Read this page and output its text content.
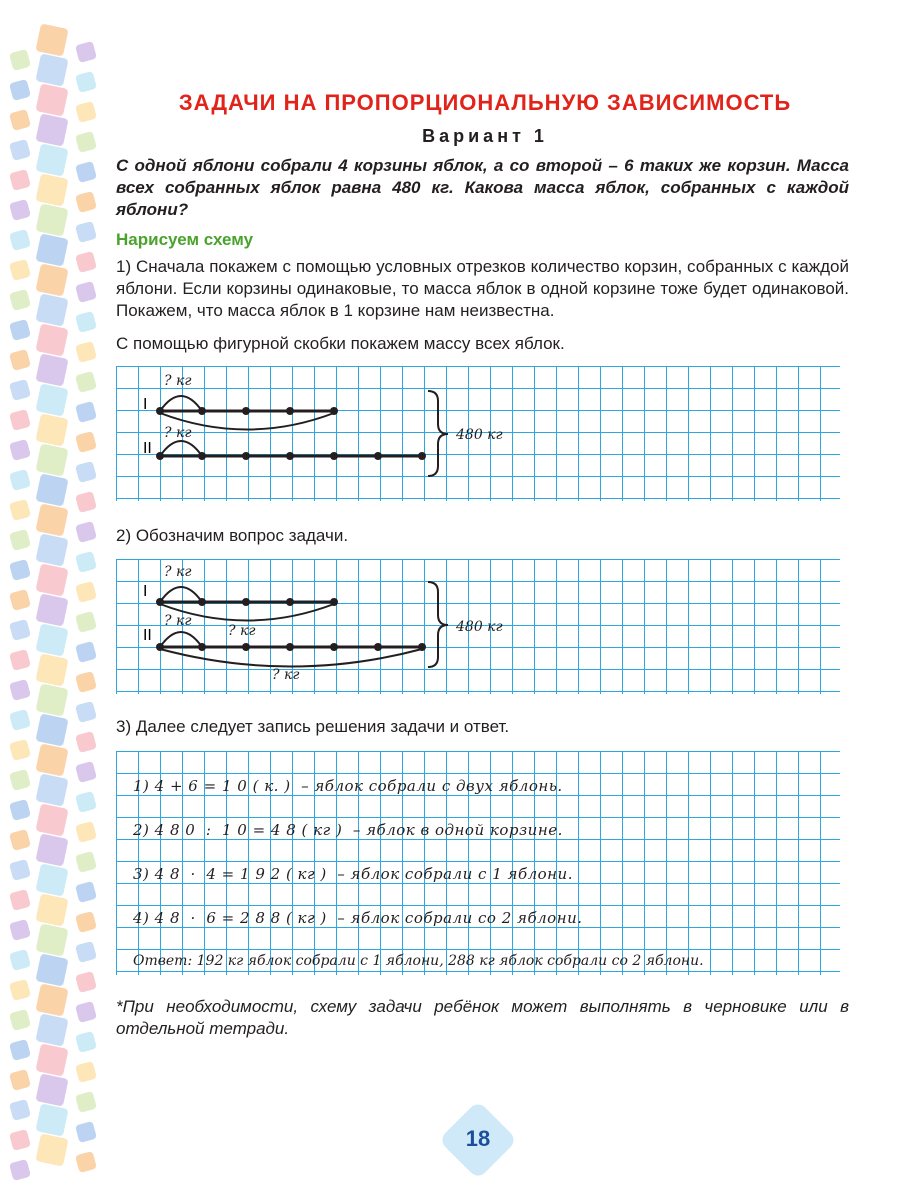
ЗАДАЧИ НА ПРОПОРЦИОНАЛЬНУЮ ЗАВИСИМОСТЬ
Вариант 1

С одной яблони собрали 4 корзины яблок, а со второй – 6 таких же корзин. Масса всех собранных яблок равна 480 кг. Какова масса яблок, собранных с каждой яблони?

Нарисуем схему

1) Сначала покажем с помощью условных отрезков количество корзин, собранных с каждой яблони. Если корзины одинаковые, то масса яблок в одной корзине тоже будет одинаковой. Покажем, что масса яблок в 1 корзине нам неизвестна.

С помощью фигурной скобки покажем массу всех яблок.

I
II
? кг
? кг	480 кг

2) Обозначим вопрос задачи.

I
II
? кг
? кг
? кг
? кг
480 кг

3) Далее следует запись решения задачи и ответ.

1) 4 + 6 = 1 0 ( к. )  – яблок собрали с двух яблонь.
2) 4 8 0  :  1 0 = 4 8 ( кг )  – яблок в одной корзине.
3) 4 8  ·  4 = 1 9 2 ( кг )  – яблок собрали с 1 яблони.
4) 4 8  ·  6 = 2 8 8 ( кг )  – яблок собрали со 2 яблони.
Ответ: 192 кг яблок собрали с 1 яблони, 288 кг яблок собрали со 2 яблони.

*При необходимости, схему задачи ребёнок может выполнять в черновике или в отдельной тетради.

18
